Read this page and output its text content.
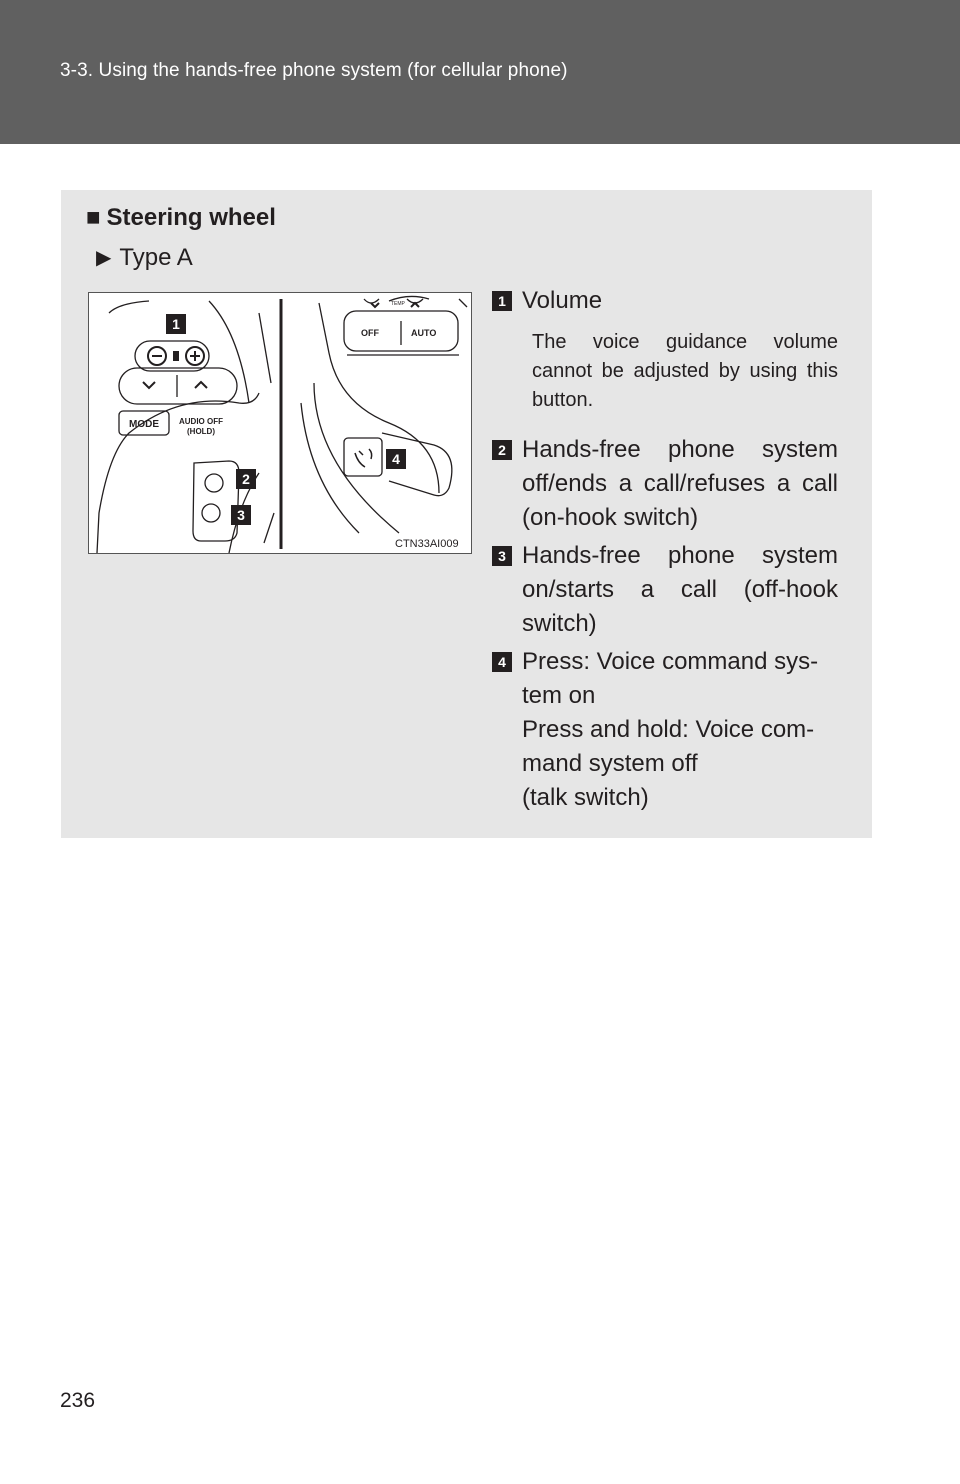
3-3. Using the hands-free phone system (for cellular phone)
■ Steering wheel
▶ Type A
MODE	AUDIO OFF
(HOLD)
OFF	AUTO
TEMP
1
2
3
4
CTN33AI009
1 Volume
The voice guidance volume cannot be adjusted by using this button.
2 Hands-free phone system off/ends a call/refuses a call (on-hook switch)
3 Hands-free phone system on/starts a call (off-hook switch)
4 Press: Voice command sys-
tem on
Press and hold: Voice com-
mand system off
(talk switch)
236
